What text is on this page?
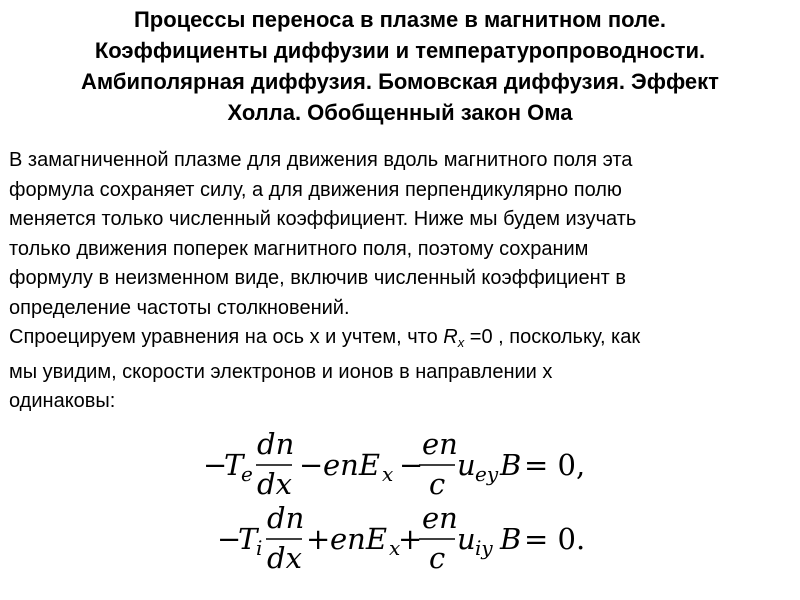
Процессы переноса в плазме в магнитном поле.
Коэффициенты диффузии и температуропроводности.
Амбиполярная диффузия. Бомовская диффузия. Эффект
Холла. Обобщенный закон Ома
В замагниченной плазме для движения вдоль магнитного поля эта
формула сохраняет силу, а для движения перпендикулярно полю
меняется только численный коэффициент. Ниже мы будем изучать
только движения поперек магнитного поля, поэтому сохраним
формулу в неизменном виде, включив численный коэффициент в
определение частоты столкновений.
Спроецируем уравнения на ось x и учтем, что $R_x =0$ , поскольку, как
мы увидим, скорости электронов и ионов в направлении x
одинаковы:
−
T
e
dn
dx
− enE x −
en
c
u ey B = 0,
−
T
i
dn
dx
+ enE x
+
en
c
u iy B = 0.
